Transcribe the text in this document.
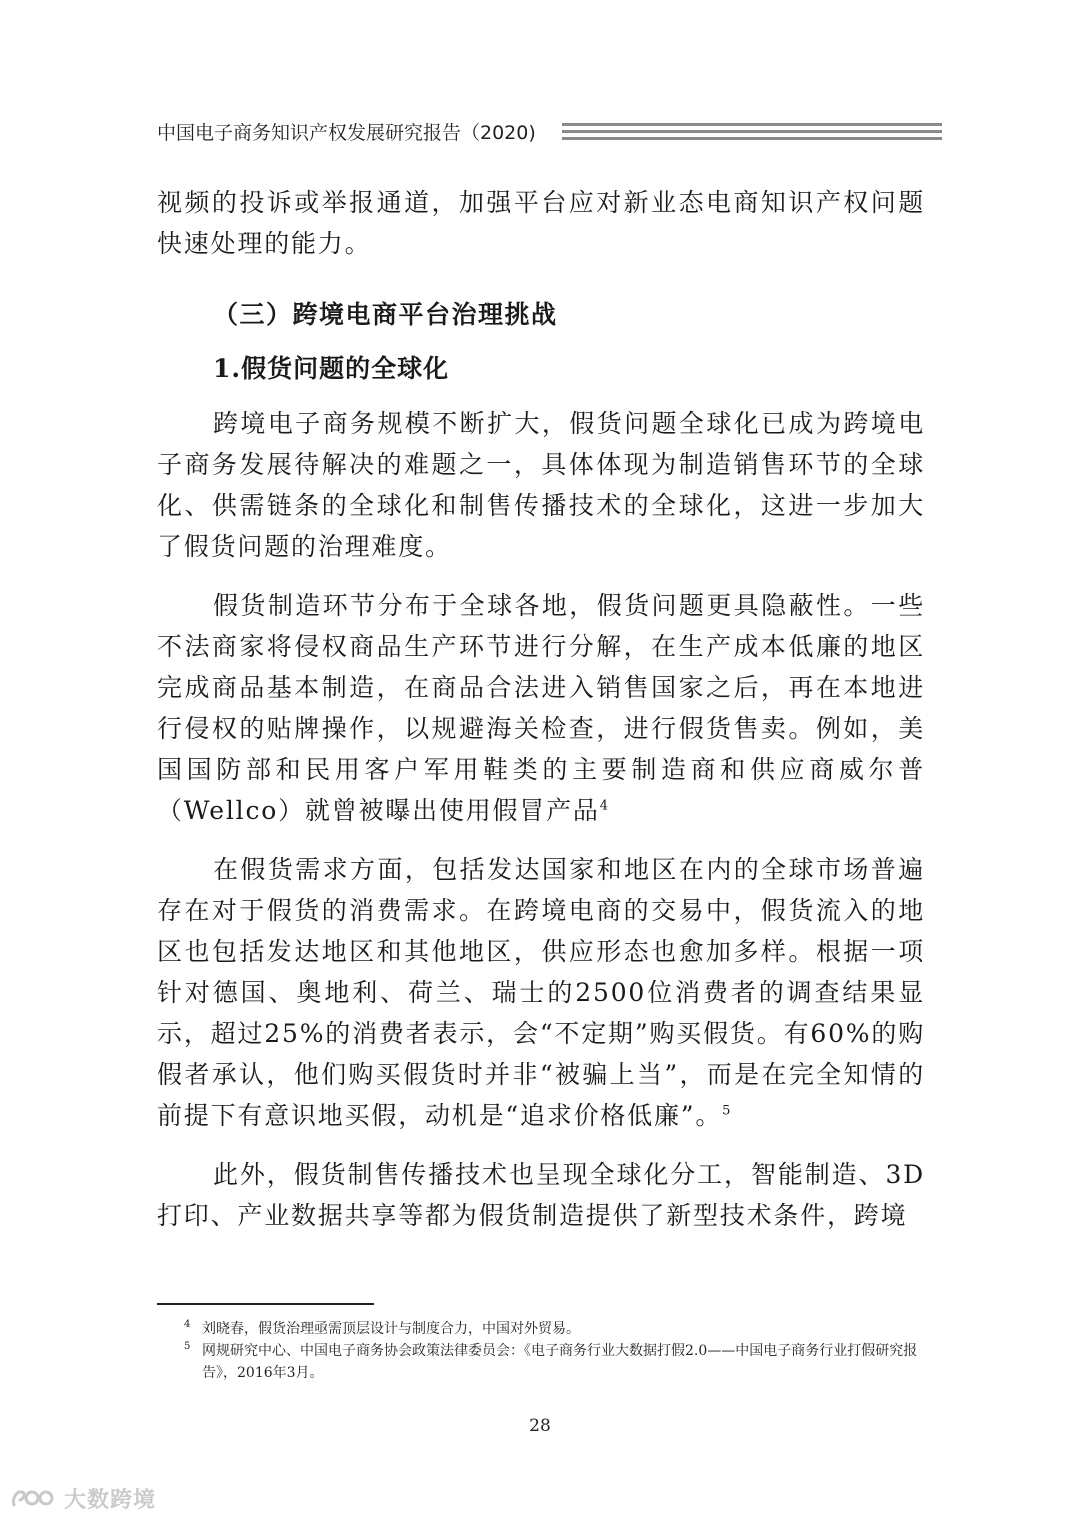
中国电子商务知识产权发展研究报告（2020)

视频的投诉或举报通道，加强平台应对新业态电商知识产权问题快速处理的能力。

（三）跨境电商平台治理挑战

1.假货问题的全球化

跨境电子商务规模不断扩大，假货问题全球化已成为跨境电子商务发展待解决的难题之一，具体体现为制造销售环节的全球化、供需链条的全球化和制售传播技术的全球化，这进一步加大了假货问题的治理难度。

假货制造环节分布于全球各地，假货问题更具隐蔽性。一些不法商家将侵权商品生产环节进行分解，在生产成本低廉的地区完成商品基本制造，在商品合法进入销售国家之后，再在本地进行侵权的贴牌操作，以规避海关检查，进行假货售卖。例如，美国国防部和民用客户军用鞋类的主要制造商和供应商威尔普（Wellco）就曾被曝出使用假冒产品$^4$

在假货需求方面，包括发达国家和地区在内的全球市场普遍存在对于假货的消费需求。在跨境电商的交易中，假货流入的地区也包括发达地区和其他地区，供应形态也愈加多样。根据一项针对德国、奥地利、荷兰、瑞士的2500位消费者的调查结果显示，超过25%的消费者表示，会“不定期”购买假货。有60%的购假者承认，他们购买假货时并非“被骗上当”，而是在完全知情的前提下有意识地买假，动机是“追求价格低廉”。$^5$

此外，假货制售传播技术也呈现全球化分工，智能制造、3D打印、产业数据共享等都为假货制造提供了新型技术条件，跨境

4 刘晓春，假货治理亟需顶层设计与制度合力，中国对外贸易。

5 网规研究中心、中国电子商务协会政策法律委员会：《电子商务行业大数据打假2.0——中国电子商务行业打假研究报告》，2016年3月。

28
大数跨境
